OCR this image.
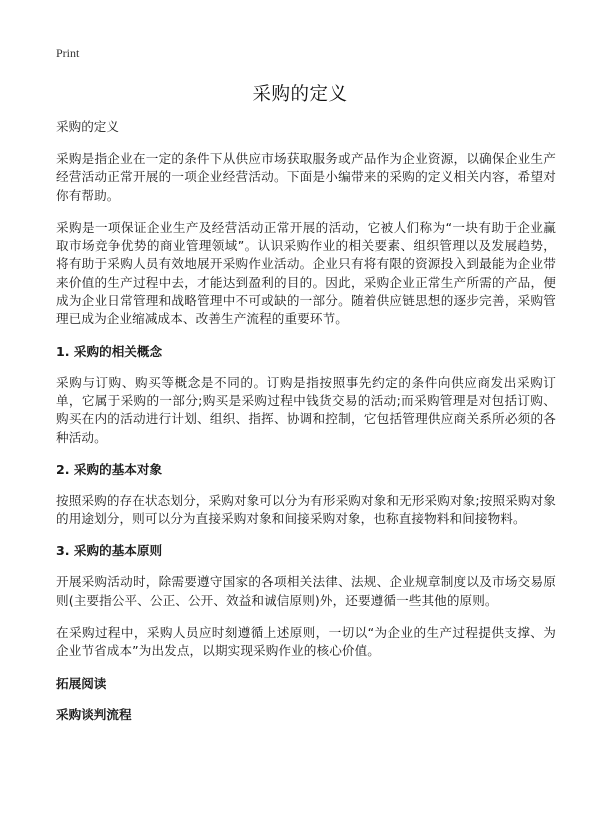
Print
采购的定义
采购的定义

采购是指企业在一定的条件下从供应市场获取服务或产品作为企业资源，以确保企业生产经营活动正常开展的一项企业经营活动。下面是小编带来的采购的定义相关内容，希望对你有帮助。

采购是一项保证企业生产及经营活动正常开展的活动，它被人们称为“一块有助于企业赢取市场竞争优势的商业管理领域”。认识采购作业的相关要素、组织管理以及发展趋势，将有助于采购人员有效地展开采购作业活动。企业只有将有限的资源投入到最能为企业带来价值的生产过程中去，才能达到盈利的目的。因此，采购企业正常生产所需的产品，便成为企业日常管理和战略管理中不可或缺的一部分。随着供应链思想的逐步完善，采购管理已成为企业缩减成本、改善生产流程的重要环节。

1. 采购的相关概念

采购与订购、购买等概念是不同的。订购是指按照事先约定的条件向供应商发出采购订单，它属于采购的一部分;购买是采购过程中钱货交易的活动;而采购管理是对包括订购、购买在内的活动进行计划、组织、指挥、协调和控制，它包括管理供应商关系所必须的各种活动。

2. 采购的基本对象

按照采购的存在状态划分，采购对象可以分为有形采购对象和无形采购对象;按照采购对象的用途划分，则可以分为直接采购对象和间接采购对象，也称直接物料和间接物料。

3. 采购的基本原则

开展采购活动时，除需要遵守国家的各项相关法律、法规、企业规章制度以及市场交易原则(主要指公平、公正、公开、效益和诚信原则)外，还要遵循一些其他的原则。

在采购过程中，采购人员应时刻遵循上述原则，一切以“为企业的生产过程提供支撑、为企业节省成本”为出发点，以期实现采购作业的核心价值。

拓展阅读
采购谈判流程
